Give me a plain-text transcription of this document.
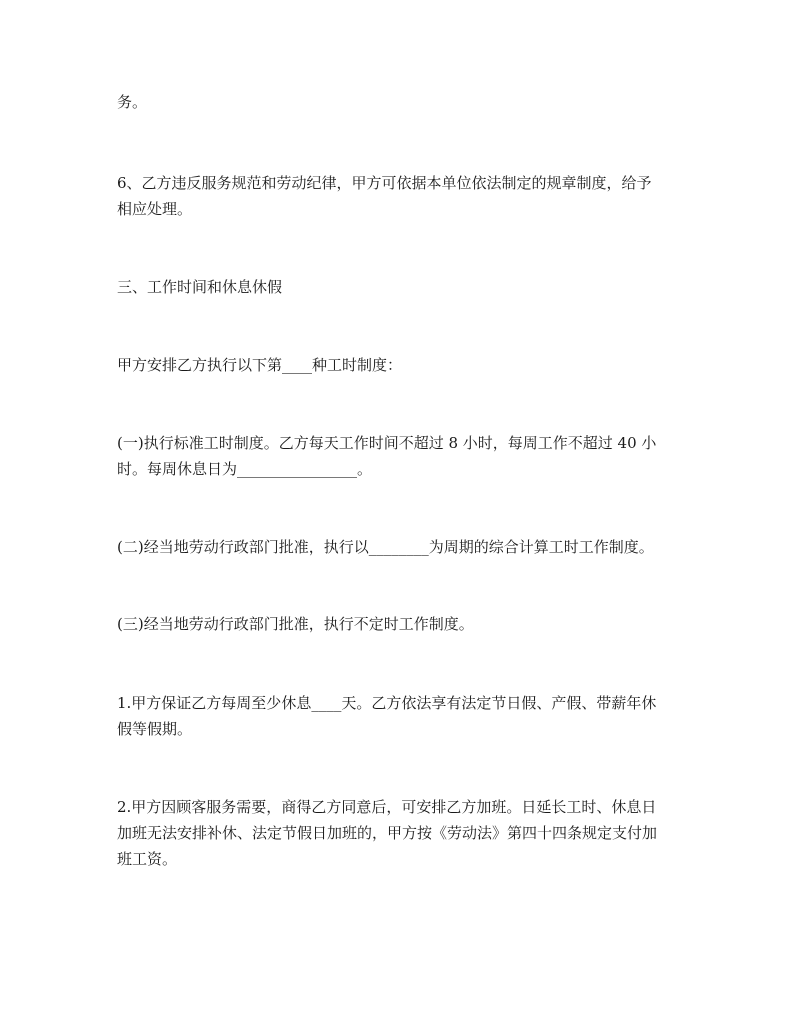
务。

6、乙方违反服务规范和劳动纪律，甲方可依据本单位依法制定的规章制度，给予
相应处理。

三、工作时间和休息休假

甲方安排乙方执行以下第____种工时制度：

(一)执行标准工时制度。乙方每天工作时间不超过 8 小时，每周工作不超过 40 小
时。每周休息日为________________。

(二)经当地劳动行政部门批准，执行以________为周期的综合计算工时工作制度。

(三)经当地劳动行政部门批准，执行不定时工作制度。

1.甲方保证乙方每周至少休息____天。乙方依法享有法定节日假、产假、带薪年休
假等假期。

2.甲方因顾客服务需要，商得乙方同意后，可安排乙方加班。日延长工时、休息日
加班无法安排补休、法定节假日加班的，甲方按《劳动法》第四十四条规定支付加
班工资。
